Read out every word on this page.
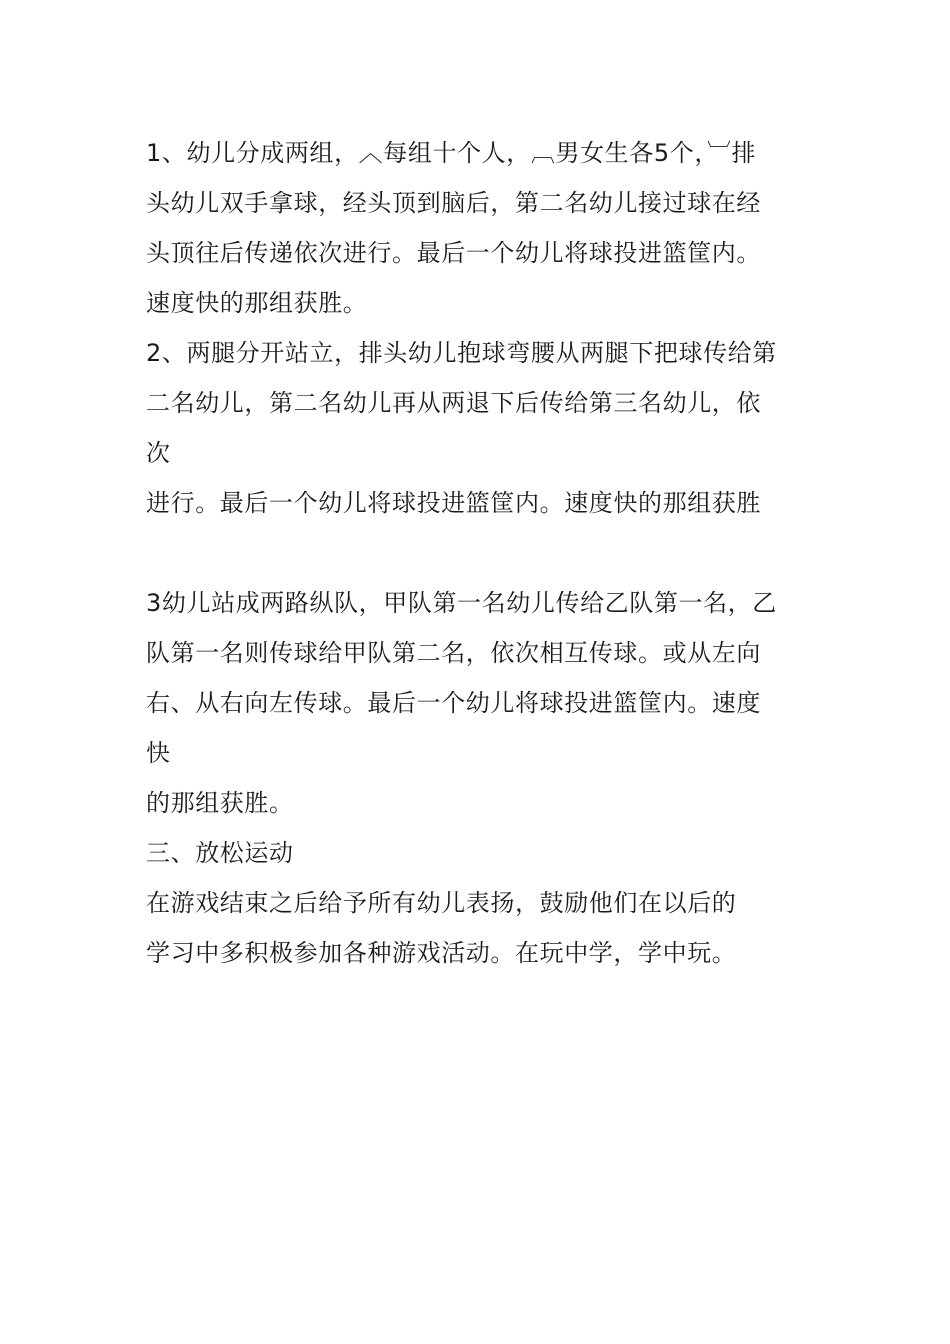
1、幼儿分成两组，︿每组十个人，︹男女生各5个，︺排
头幼儿双手拿球，经头顶到脑后，第二名幼儿接过球在经
头顶往后传递依次进行。最后一个幼儿将球投进篮筐内。
速度快的那组获胜。
2、两腿分开站立，排头幼儿抱球弯腰从两腿下把球传给第
二名幼儿，第二名幼儿再从两退下后传给第三名幼儿，依
次
进行。最后一个幼儿将球投进篮筐内。速度快的那组获胜
3幼儿站成两路纵队，甲队第一名幼儿传给乙队第一名，乙
队第一名则传球给甲队第二名，依次相互传球。或从左向
右、从右向左传球。最后一个幼儿将球投进篮筐内。速度
快
的那组获胜。
三、放松运动
在游戏结束之后给予所有幼儿表扬，鼓励他们在以后的
学习中多积极参加各种游戏活动。在玩中学，学中玩。
